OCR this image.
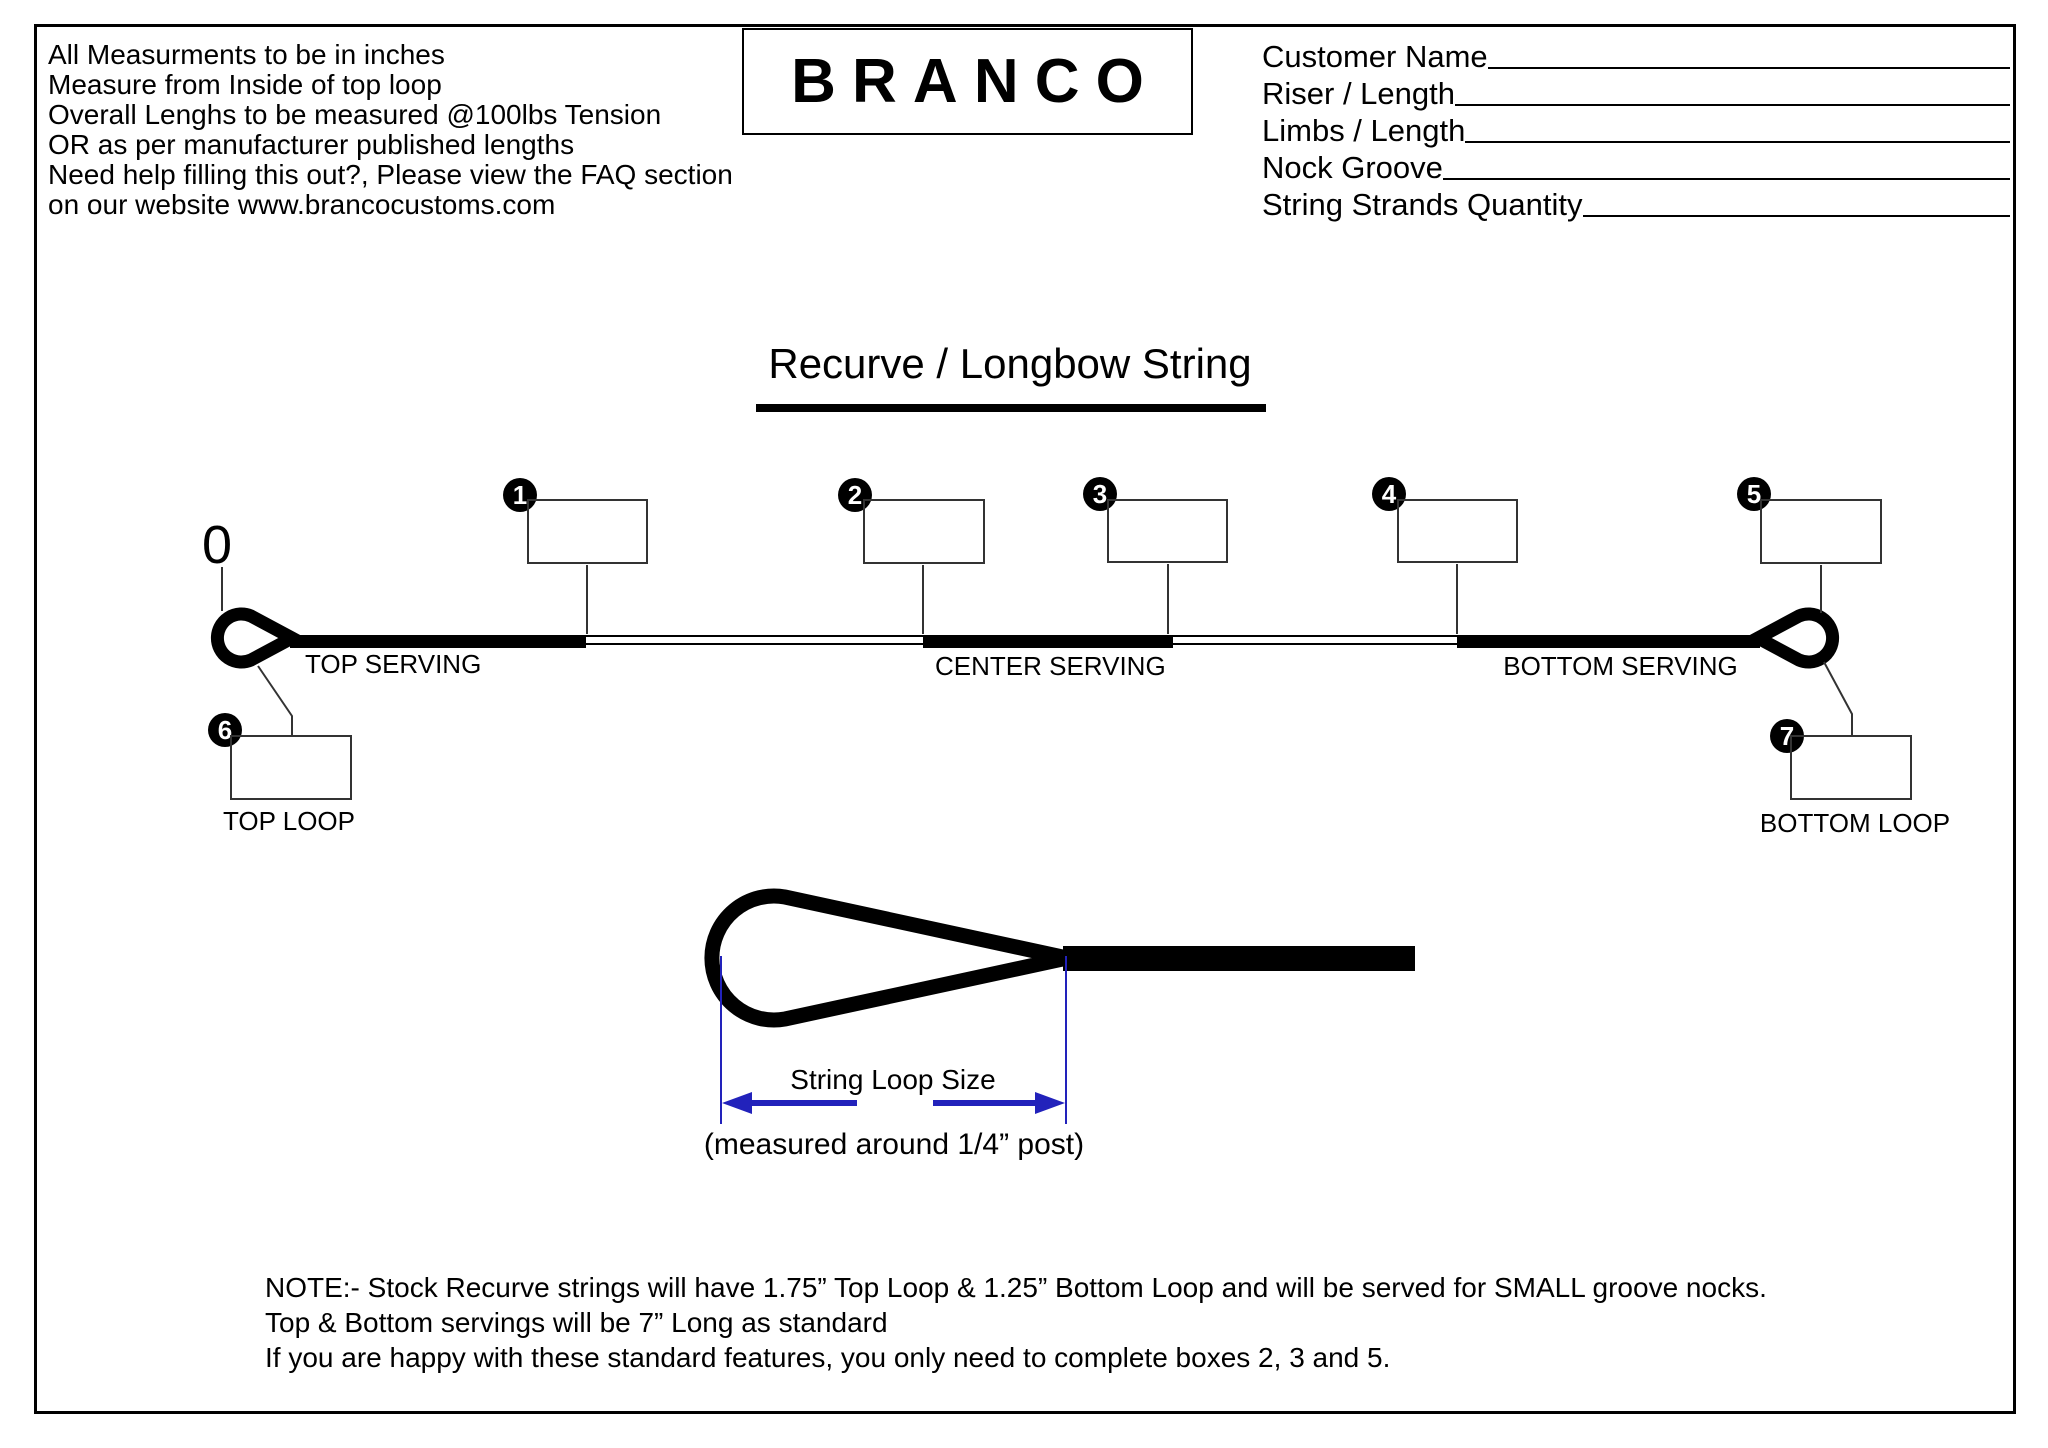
All Measurments to be in inches
Measure from Inside of top loop
Overall Lenghs to be measured @100lbs Tension
OR as per manufacturer published lengths
Need help filling this out?, Please view the FAQ section
on our website www.brancocustoms.com
BRANCO	Customer Name
Riser / Length
Limbs / Length
Nock Groove
String Strands Quantity
Recurve / Longbow String
0
1	2	3	4	5
6	7
TOP SERVING	CENTER SERVING	BOTTOM SERVING
TOP LOOP	BOTTOM LOOP
String Loop Size
(measured around 1/4” post)
NOTE:- Stock Recurve strings will have 1.75” Top Loop & 1.25” Bottom Loop and will be served for SMALL groove nocks.
Top & Bottom servings will be 7” Long as standard
If you are happy with these standard features, you only need to complete boxes 2, 3 and 5.
